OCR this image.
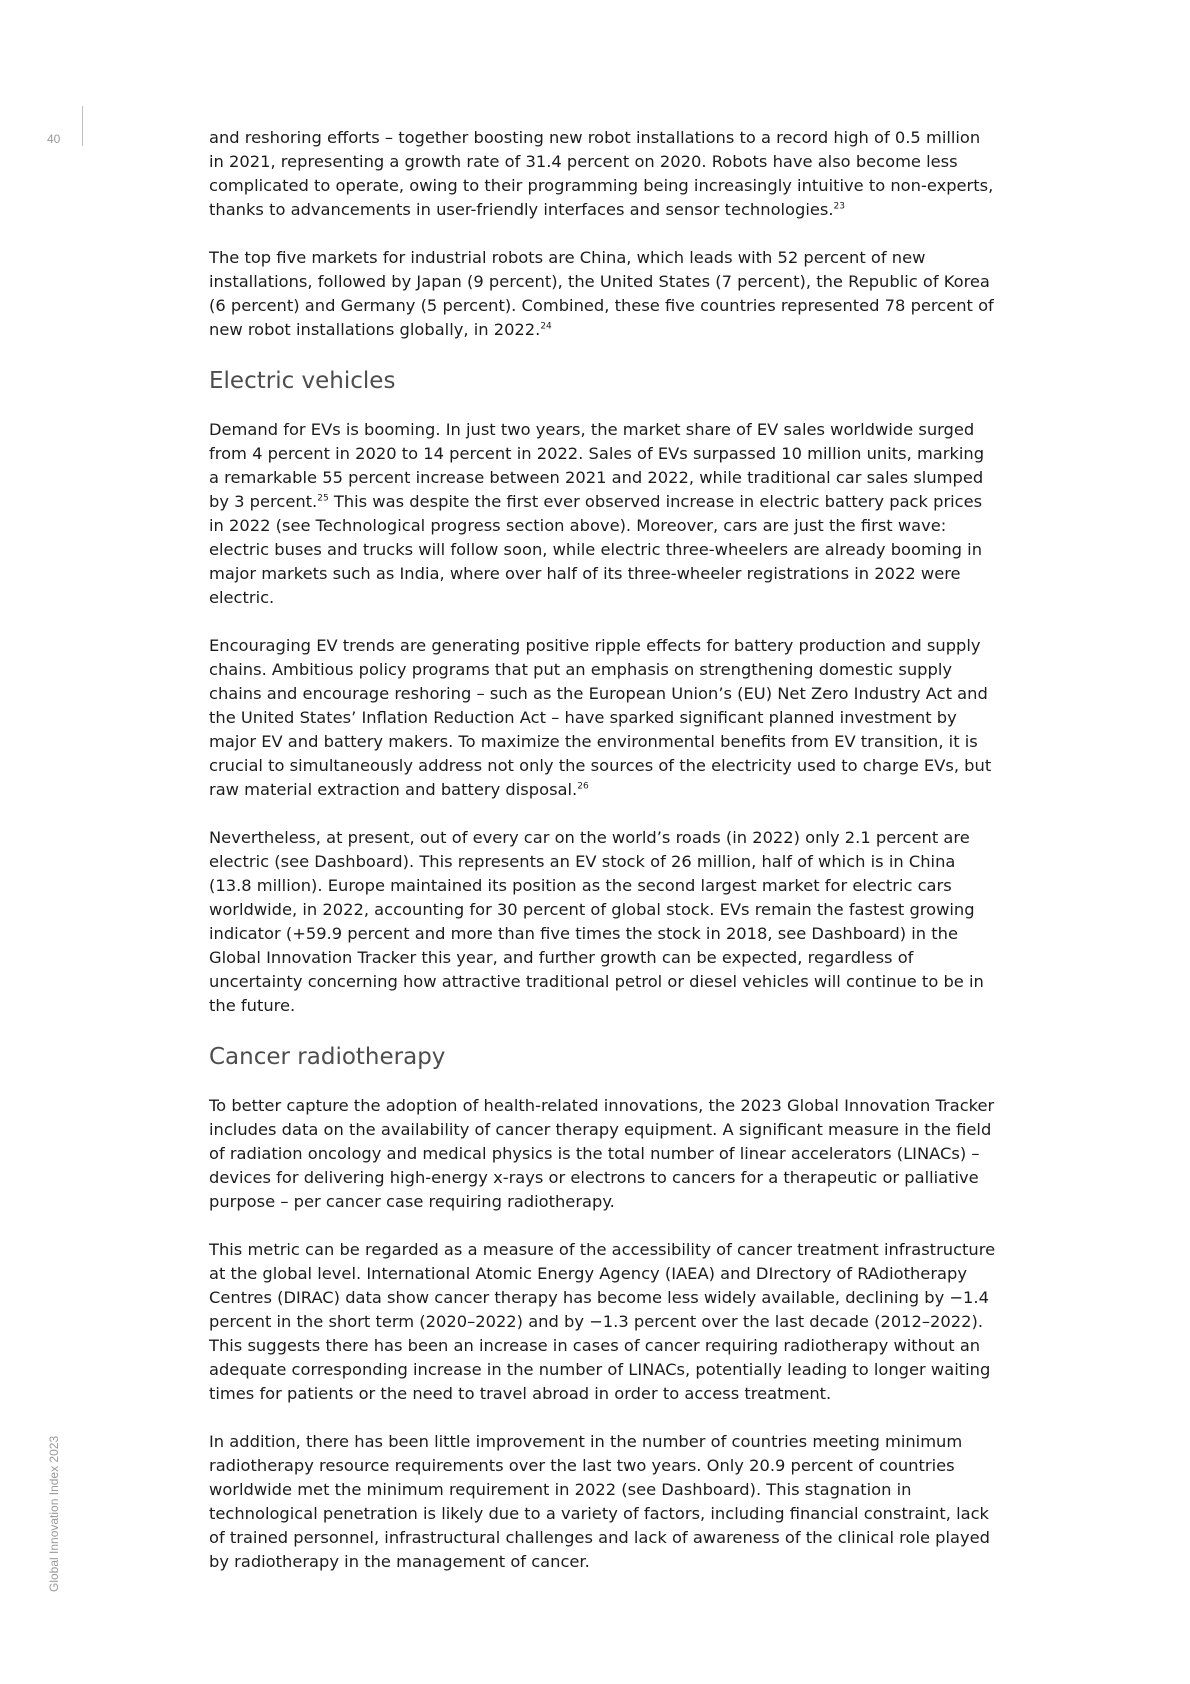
40
Global Innovation Index 2023

and reshoring efforts – together boosting new robot installations to a record high of 0.5 million in 2021, representing a growth rate of 31.4 percent on 2020. Robots have also become less complicated to operate, owing to their programming being increasingly intuitive to non-experts, thanks to advancements in user-friendly interfaces and sensor technologies.$^{23}$

The top five markets for industrial robots are China, which leads with 52 percent of new installations, followed by Japan (9 percent), the United States (7 percent), the Republic of Korea (6 percent) and Germany (5 percent). Combined, these five countries represented 78 percent of new robot installations globally, in 2022.24

Electric vehicles

Demand for EVs is booming. In just two years, the market share of EV sales worldwide surged from 4 percent in 2020 to 14 percent in 2022. Sales of EVs surpassed 10 million units, marking a remarkable 55 percent increase between 2021 and 2022, while traditional car sales slumped by 3 percent.$^{25}$ This was despite the first ever observed increase in electric battery pack prices in 2022 (see Technological progress section above). Moreover, cars are just the first wave: electric buses and trucks will follow soon, while electric three-wheelers are already booming in major markets such as India, where over half of its three-wheeler registrations in 2022 were electric.

Encouraging EV trends are generating positive ripple effects for battery production and supply chains. Ambitious policy programs that put an emphasis on strengthening domestic supply chains and encourage reshoring – such as the European Union’s (EU) Net Zero Industry Act and the United States’ Inflation Reduction Act – have sparked significant planned investment by major EV and battery makers. To maximize the environmental benefits from EV transition, it is crucial to simultaneously address not only the sources of the electricity used to charge EVs, but raw material extraction and battery disposal.$^{26}$

Nevertheless, at present, out of every car on the world’s roads (in 2022) only 2.1 percent are electric (see Dashboard). This represents an EV stock of 26 million, half of which is in China (13.8 million). Europe maintained its position as the second largest market for electric cars worldwide, in 2022, accounting for 30 percent of global stock. EVs remain the fastest growing indicator (+59.9 percent and more than five times the stock in 2018, see Dashboard) in the Global Innovation Tracker this year, and further growth can be expected, regardless of uncertainty concerning how attractive traditional petrol or diesel vehicles will continue to be in the future.

Cancer radiotherapy

To better capture the adoption of health-related innovations, the 2023 Global Innovation Tracker includes data on the availability of cancer therapy equipment. A significant measure in the field of radiation oncology and medical physics is the total number of linear accelerators (LINACs) – devices for delivering high-energy x-rays or electrons to cancers for a therapeutic or palliative purpose – per cancer case requiring radiotherapy.

This metric can be regarded as a measure of the accessibility of cancer treatment infrastructure at the global level. International Atomic Energy Agency (IAEA) and DIrectory of RAdiotherapy Centres (DIRAC) data show cancer therapy has become less widely available, declining by −1.4 percent in the short term (2020–2022) and by −1.3 percent over the last decade (2012–2022). This suggests there has been an increase in cases of cancer requiring radiotherapy without an adequate corresponding increase in the number of LINACs, potentially leading to longer waiting times for patients or the need to travel abroad in order to access treatment.

In addition, there has been little improvement in the number of countries meeting minimum radiotherapy resource requirements over the last two years. Only 20.9 percent of countries worldwide met the minimum requirement in 2022 (see Dashboard). This stagnation in technological penetration is likely due to a variety of factors, including financial constraint, lack of trained personnel, infrastructural challenges and lack of awareness of the clinical role played by radiotherapy in the management of cancer.
